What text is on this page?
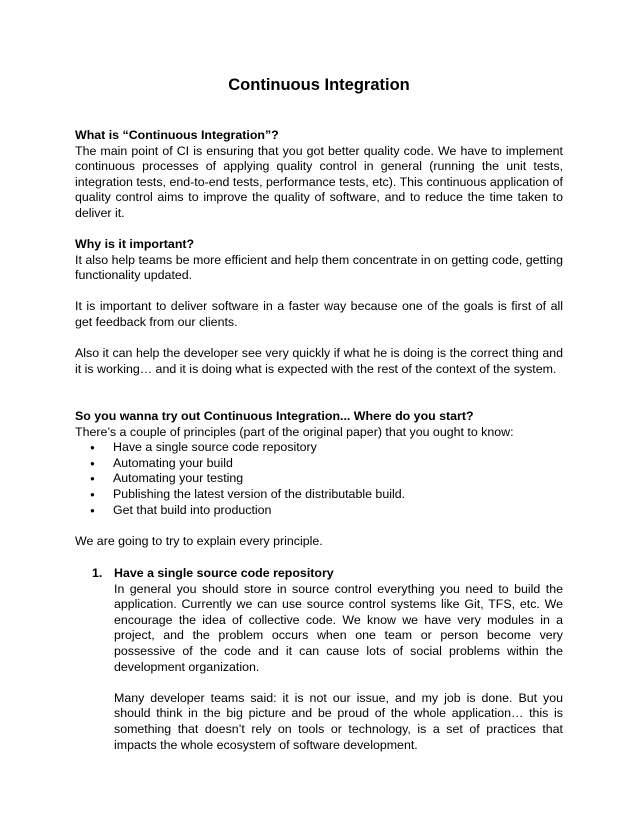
Continuous Integration
What is “Continuous Integration”?

The main point of CI is ensuring that you got better quality code. We have to implement continuous processes of applying quality control in general (running the unit tests, integration tests, end-to-end tests, performance tests, etc). This continuous application of quality control aims to improve the quality of software, and to reduce the time taken to deliver it.

Why is it important?

It also help teams be more efficient and help them concentrate in on getting code, getting functionality updated.

It is important to deliver software in a faster way because one of the goals is first of all get feedback from our clients.

Also it can help the developer see very quickly if what he is doing is the correct thing and it is working… and it is doing what is expected with the rest of the context of the system.

So you wanna try out Continuous Integration... Where do you start?

There’s a couple of principles (part of the original paper) that you ought to know:

● Have a single source code repository
● Automating your build
● Automating your testing
● Publishing the latest version of the distributable build.
● Get that build into production

We are going to try to explain every principle.

1. Have a single source code repository

In general you should store in source control everything you need to build the application. Currently we can use source control systems like Git, TFS, etc. We encourage the idea of collective code. We know we have very modules in a project, and the problem occurs when one team or person become very possessive of the code and it can cause lots of social problems within the development organization.

Many developer teams said: it is not our issue, and my job is done. But you should think in the big picture and be proud of the whole application… this is something that doesn’t rely on tools or technology, is a set of practices that impacts the whole ecosystem of software development.
